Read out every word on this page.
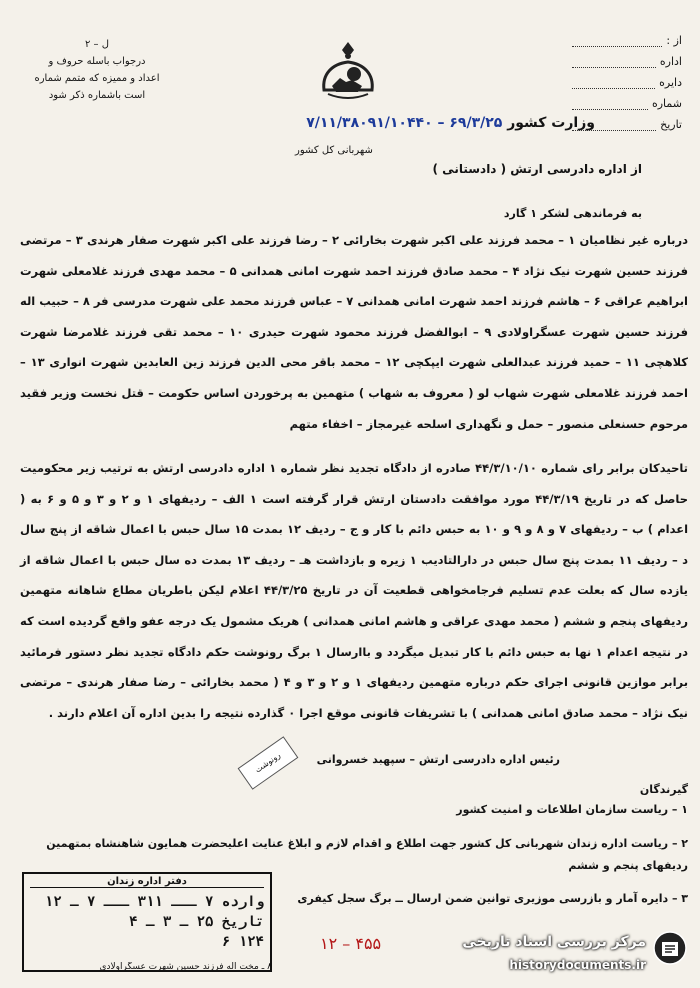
ل – ۲
درجواب باسله حروف و
اعداد و ممیزه که متمم شماره
است باشماره ذکر شود
از :
اداره
دایره
شماره
تاریخ
وزارت کشور ۶۹/۳/۲۵ – ۷/۱۱/۳۸۰۹۱/۱۰۴۴۰
شهربانی کل کشور
از اداره دادرسی ارتش ( دادستانی )
به فرماندهی لشکر ۱ گارد
درباره غیر نظامیان ۱ – محمد فرزند علی اکبر شهرت بخارائی ۲ – رضا فرزند علی اکبر شهرت صفار هرندی ۳ – مرتضی فرزند حسین شهرت نیک نژاد ۴ – محمد صادق فرزند احمد شهرت امانی همدانی ۵ – محمد مهدی فرزند غلامعلی شهرت ابراهیم عراقی ۶ – هاشم فرزند احمد شهرت امانی همدانی ۷ – عباس فرزند محمد علی شهرت مدرسی فر ۸ – حبیب اله فرزند حسین شهرت عسگراولادی ۹ – ابوالفضل فرزند محمود شهرت حیدری ۱۰ – محمد تقی فرزند غلامرضا شهرت کلاهچی ۱۱ – حمید فرزند عبدالعلی شهرت ایپکچی ۱۲ – محمد باقر محی الدین فرزند زین العابدین شهرت انواری ۱۳ – احمد فرزند غلامعلی شهرت شهاب لو ( معروف به شهاب ) متهمین به پرخوردن اساس حکومت – قتل نخست وزیر فقید مرحوم حسنعلی منصور – حمل و نگهداری اسلحه غیرمجاز – اخفاء متهم
تاحیدکان برابر رای شماره ۴۴/۳/۱۰/۱۰ صادره از دادگاه تجدید نظر شماره ۱ اداره دادرسی ارتش به ترتیب زیر محکومیت حاصل که در تاریخ ۴۴/۳/۱۹ مورد موافقت دادستان ارتش قرار گرفته است ۱ الف – ردیفهای ۱ و ۲ و ۳ و ۵ و ۶ به ( اعدام ) ب – ردیفهای ۷ و ۸ و ۹ و ۱۰ به حبس دائم با کار و ج – ردیف ۱۲ بمدت ۱۵ سال حبس با اعمال شاقه از پنج سال د – ردیف ۱۱ بمدت پنج سال حبس در دارالتادیب ۱ زیره و بازداشت هـ – ردیف ۱۳ بمدت ده سال حبس با اعمال شاقه از یازده سال که بعلت عدم تسلیم فرجامخواهی قطعیت آن در تاریخ ۴۴/۳/۲۵ اعلام لیکن باطریان مطاع شاهانه متهمین ردیفهای پنجم و ششم ( محمد مهدی عراقی و هاشم امانی همدانی ) هریک مشمول یک درجه عفو واقع گردیده است که در نتیجه اعدام ۱ نها به حبس دائم با کار تبدیل میگردد و باارسال ۱ برگ رونوشت حکم دادگاه تجدید نظر دستور فرمائید برابر موازین قانونی اجرای حکم درباره متهمین ردیفهای ۱ و ۲ و ۳ و ۴ ( محمد بخارائی – رضا صفار هرندی – مرتضی نیک نژاد – محمد صادق امانی همدانی ) با تشریفات قانونی موقع اجرا ۰ گذارده نتیجه را بدین اداره آن اعلام دارند .
رونوشت	رئیس اداره دادرسی ارتش – سپهبد خسروانی
گیرندگان
۱ – ریاست سازمان اطلاعات و امنیت کشور
۲ – ریاست اداره زندان شهربانی کل کشور جهت اطلاع و اقدام لازم و ابلاغ عنایت اعلیحضرت همایون شاهنشاه بمتهمین ردیفهای پنجم و ششم
۳ – دایره آمار و بازرسی موزیری توانین ضمن ارسال ــ برگ سجل کیفری
دفتر اداره زندان
وارده ۷ ـــ ۳۱۱ ـــ ۷ ـ ۱۲
تاریخ ۲۵ ـ ۳ ـ ۴
۱۲۴ ۶
۸ ـ مخت اله فرزند حسین شهرت عسگراولادی
۱۲ – ۴۵۵	مرکز بررسی اسناد تاریخی
historydocuments.ir
